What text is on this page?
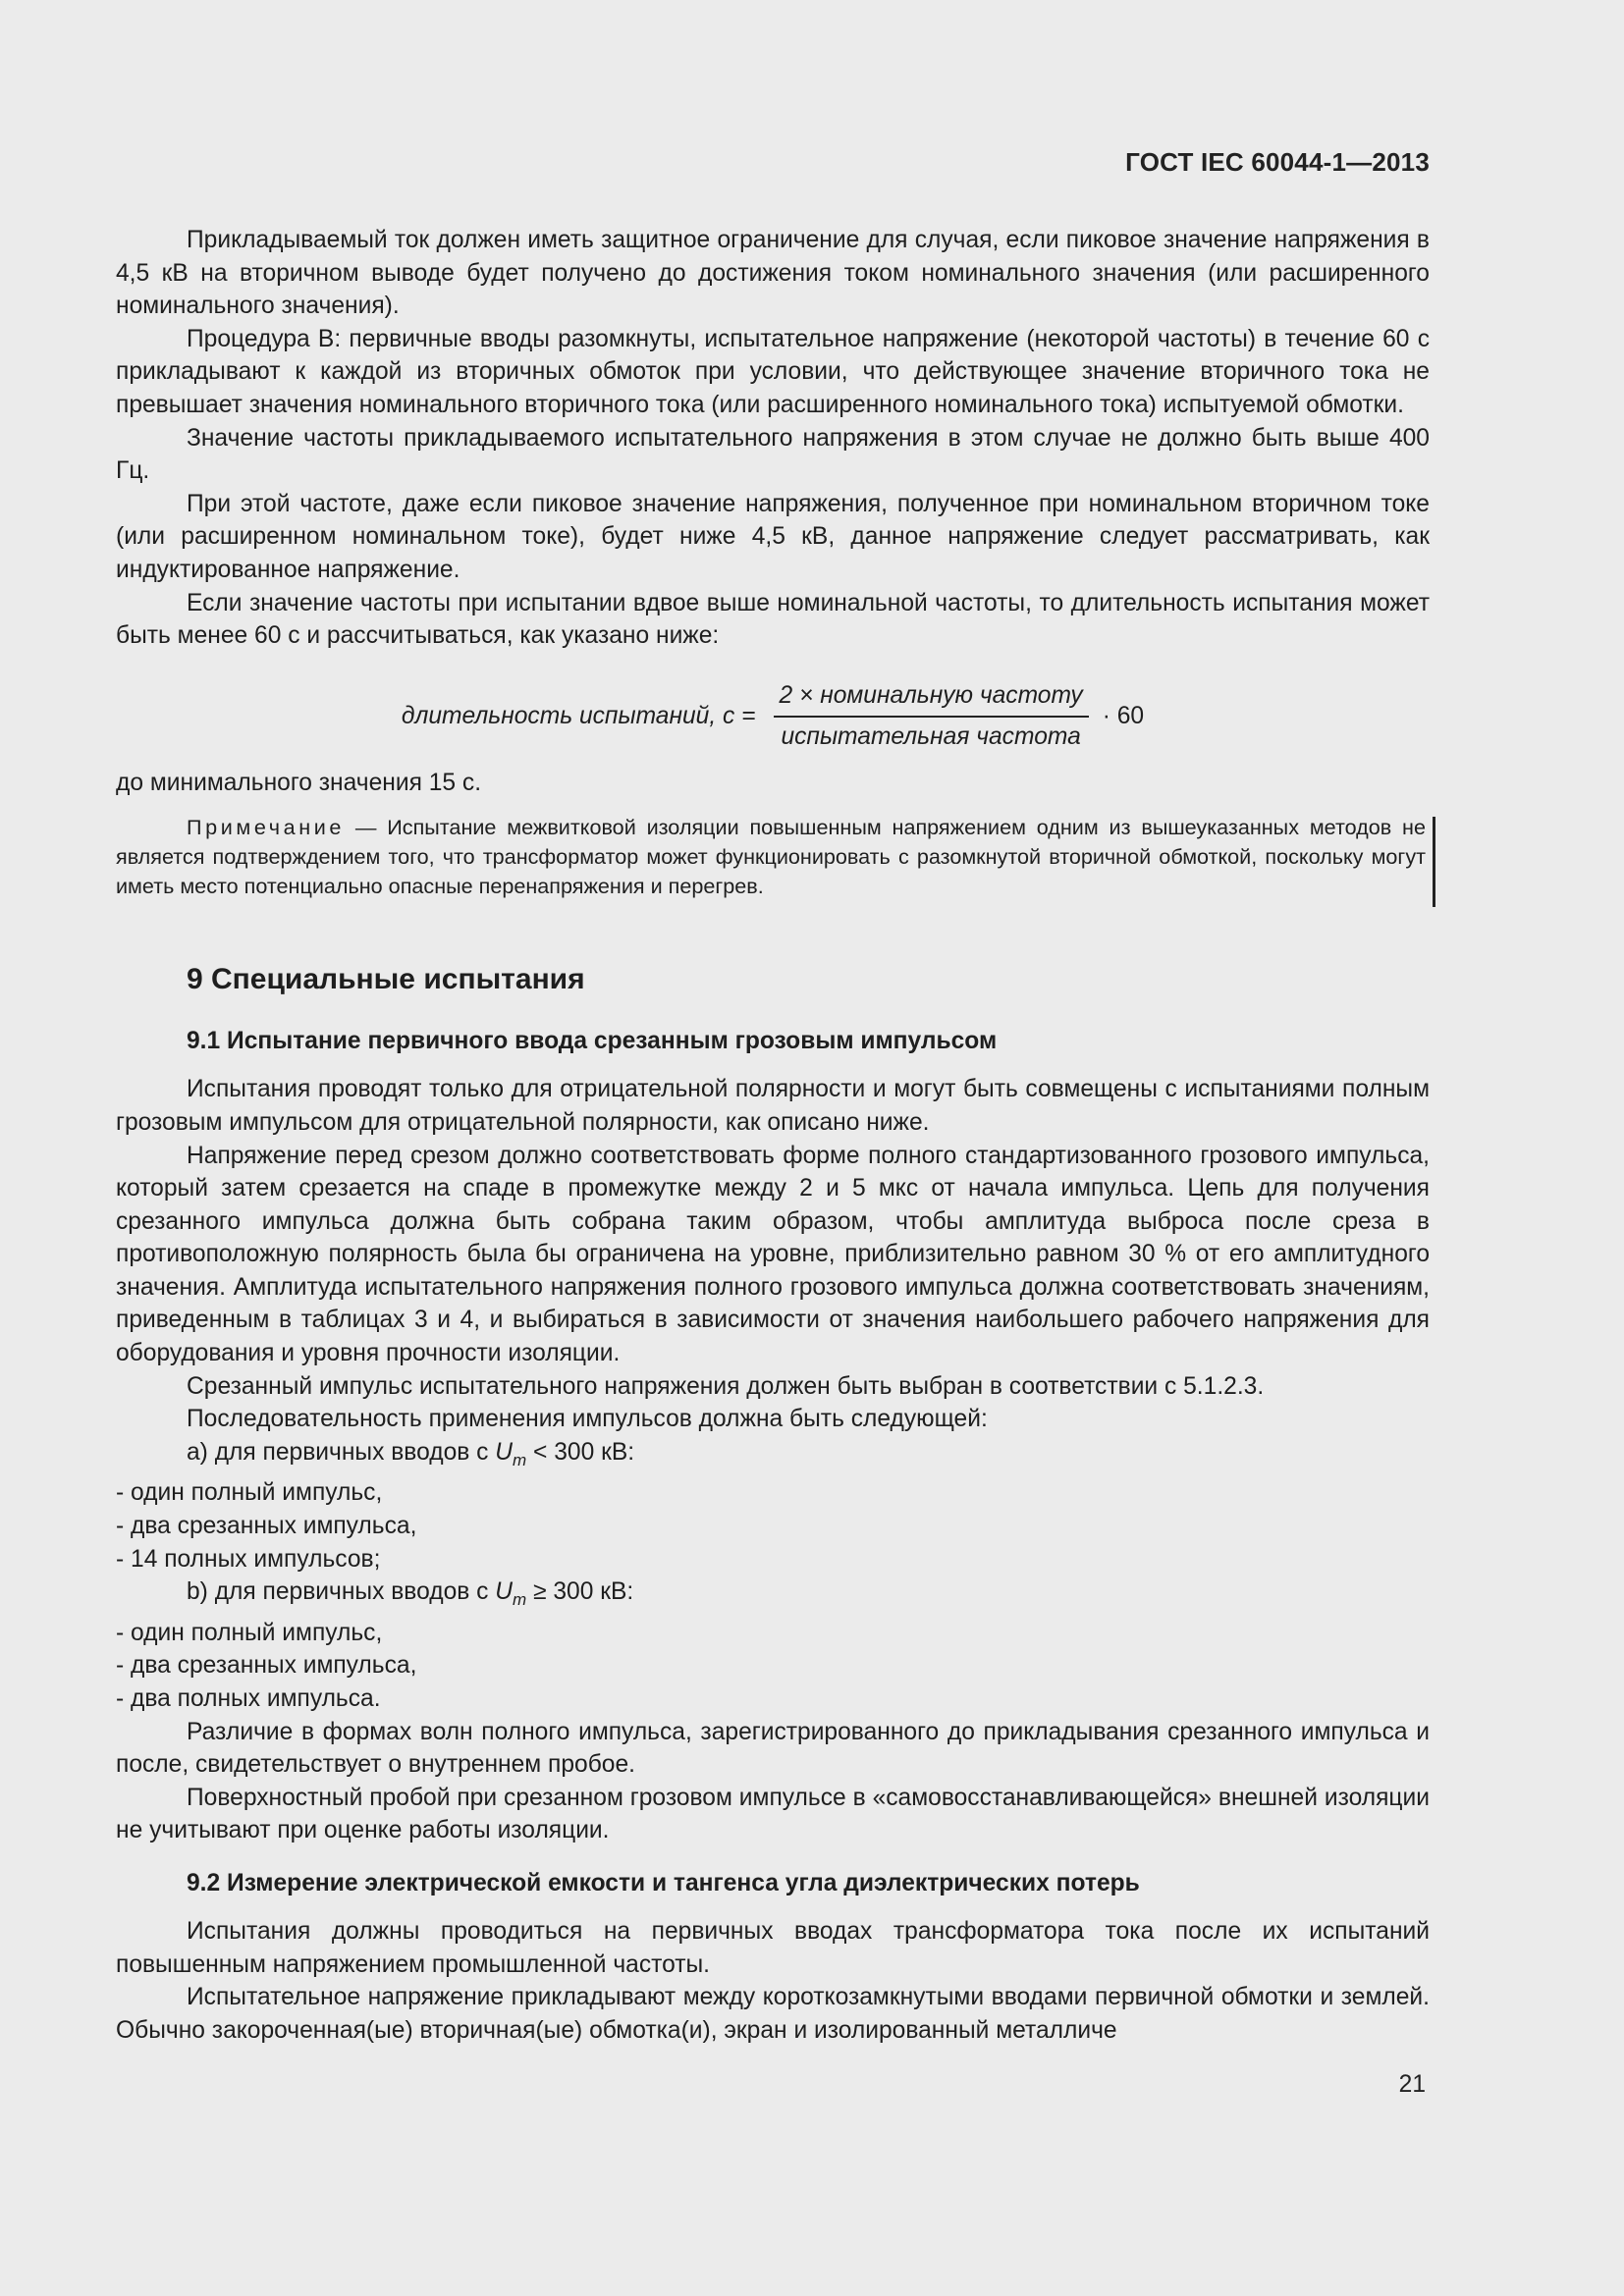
ГОСТ IEC 60044-1—2013

Прикладываемый ток должен иметь защитное ограничение для случая, если пиковое значение напряжения в 4,5 кВ на вторичном выводе будет получено до достижения током номинального значения (или расширенного номинального значения).

Процедура В: первичные вводы разомкнуты, испытательное напряжение (некоторой частоты) в течение 60 с прикладывают к каждой из вторичных обмоток при условии, что действующее значение вторичного тока не превышает значения номинального вторичного тока (или расширенного номинального тока) испытуемой обмотки.

Значение частоты прикладываемого испытательного напряжения в этом случае не должно быть выше 400 Гц.

При этой частоте, даже если пиковое значение напряжения, полученное при номинальном вторичном токе (или расширенном номинальном токе), будет ниже 4,5 кВ, данное напряжение следует рассматривать, как индуктированное напряжение.

Если значение частоты при испытании вдвое выше номинальной частоты, то длительность испытания может быть менее 60 с и рассчитываться, как указано ниже:

длительность испытаний, $с = \frac{\text{2 × номинальную частоту}}{\text{испытательная частота}} \cdot 60$

до минимального значения 15 с.

Примечание — Испытание межвитковой изоляции повышенным напряжением одним из вышеуказанных методов не является подтверждением того, что трансформатор может функционировать с разомкнутой вторичной обмоткой, поскольку могут иметь место потенциально опасные перенапряжения и перегрев.

9 Специальные испытания
9.1 Испытание первичного ввода срезанным грозовым импульсом

Испытания проводят только для отрицательной полярности и могут быть совмещены с испытаниями полным грозовым импульсом для отрицательной полярности, как описано ниже.

Напряжение перед срезом должно соответствовать форме полного стандартизованного грозового импульса, который затем срезается на спаде в промежутке между 2 и 5 мкс от начала импульса. Цепь для получения срезанного импульса должна быть собрана таким образом, чтобы амплитуда выброса после среза в противоположную полярность была бы ограничена на уровне, приблизительно равном 30 % от его амплитудного значения. Амплитуда испытательного напряжения полного грозового импульса должна соответствовать значениям, приведенным в таблицах 3 и 4, и выбираться в зависимости от значения наибольшего рабочего напряжения для оборудования и уровня прочности изоляции.

Срезанный импульс испытательного напряжения должен быть выбран в соответствии с 5.1.2.3.

Последовательность применения импульсов должна быть следующей:

a) для первичных вводов с $U_m < 300$ кВ:

- один полный импульс,

- два срезанных импульса,

- 14 полных импульсов;

b) для первичных вводов с $U_m \ge 300$ кВ:

- один полный импульс,

- два срезанных импульса,

- два полных импульса.

Различие в формах волн полного импульса, зарегистрированного до прикладывания срезанного импульса и после, свидетельствует о внутреннем пробое.

Поверхностный пробой при срезанном грозовом импульсе в «самовосстанавливающейся» внешней изоляции не учитывают при оценке работы изоляции.

9.2 Измерение электрической емкости и тангенса угла диэлектрических потерь

Испытания должны проводиться на первичных вводах трансформатора тока после их испытаний повышенным напряжением промышленной частоты.

Испытательное напряжение прикладывают между короткозамкнутыми вводами первичной обмотки и землей. Обычно закороченная(ые) вторичная(ые) обмотка(и), экран и изолированный металличе

21
